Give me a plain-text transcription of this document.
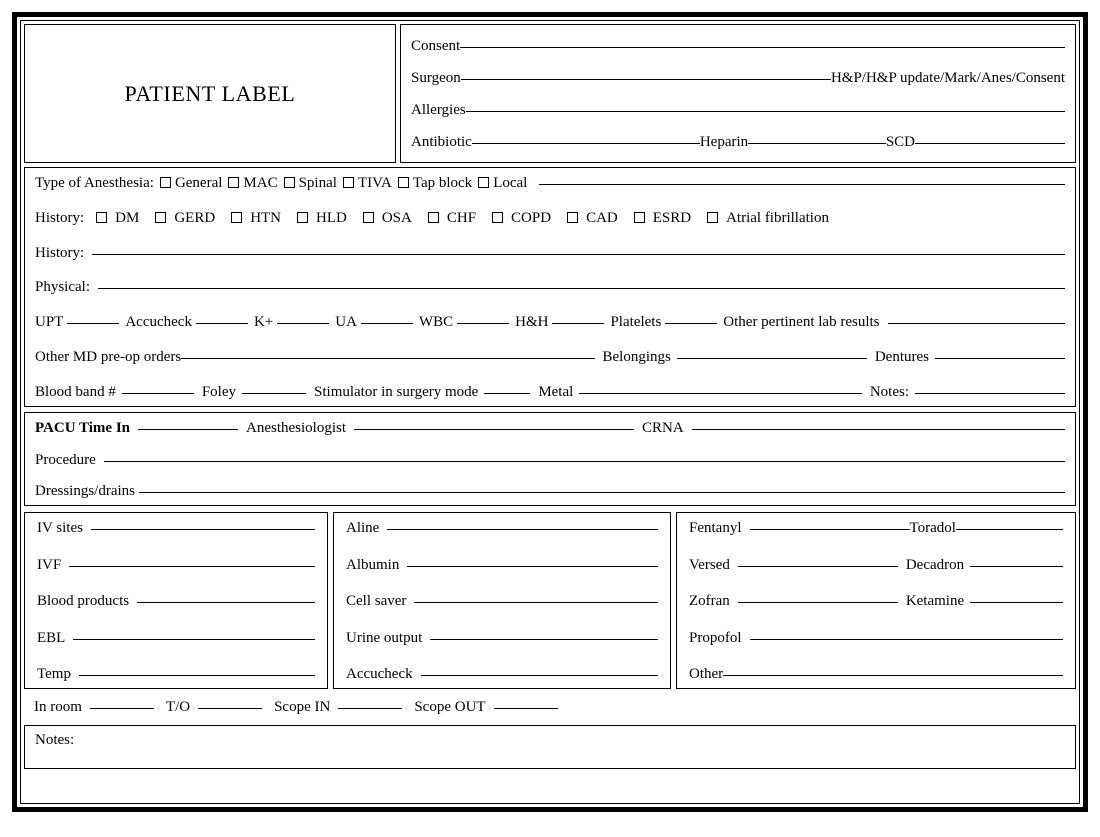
PATIENT LABEL
Consent
Surgeon	H&P/H&P update/Mark/Anes/Consent
Allergies
Antibiotic	Heparin	SCD
Type of Anesthesia: General MAC Spinal TIVA Tap block Local
History: DM GERD HTN HLD OSA CHF COPD CAD ESRD Atrial fibrillation
History:
Physical:
UPT	Accucheck	K+	UA	WBC	H&H	Platelets	Other pertinent lab results
Other MD pre-op orders	Belongings	Dentures
Blood band #	Foley	Stimulator in surgery mode	Metal	Notes:
PACU Time In	Anesthesiologist	CRNA
Procedure
Dressings/drains
IV sites
IVF
Blood products
EBL
Temp
Aline
Albumin
Cell saver
Urine output
Accucheck
Fentanyl	Toradol
Versed	Decadron
Zofran	Ketamine
Propofol
Other
In room	T/O	Scope IN	Scope OUT
Notes:
